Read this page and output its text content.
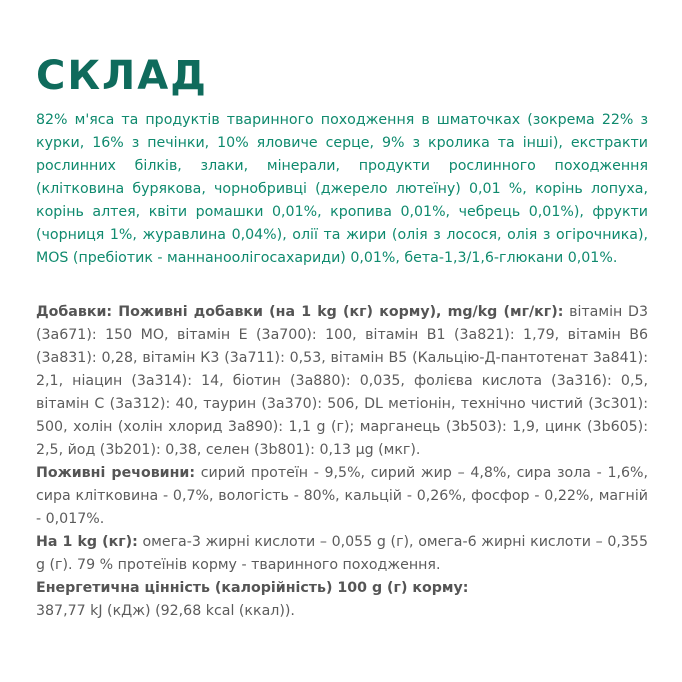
СКЛАД

82% м'яса та продуктів тваринного походження в шматочках (зокрема 22% з курки, 16% з печінки, 10% яловиче серце, 9% з кролика та інші), екстракти рослинних білків, злаки, мінерали, продукти рослинного походження (клітковина бурякова, чорнобривці (джерело лютеїну) 0,01 %, корінь лопуха, корінь алтея, квіти ромашки 0,01%, кропива 0,01%, чебрець 0,01%), фрукти (чорниця 1%, журавлина 0,04%), олії та жири (олія з лосося, олія з огірочника), MOS (пребіотик - маннаноолігосахариди) 0,01%, бета-1,3/1,6-глюкани 0,01%.

Добавки: Поживні добавки (на 1 kg (кг) корму), mg/kg (мг/кг): вітамін D3 (3a671): 150 МО, вітамін E (3a700): 100, вітамін B1 (3a821): 1,79, вітамін B6 (3a831): 0,28, вітамін К3 (3a711): 0,53, вітамін В5 (Кальцію-Д-пантотенат 3a841): 2,1, ніацин (3a314): 14, біотин (3a880): 0,035, фолієва кислота (3a316): 0,5, вітамін C (3a312): 40, таурин (3a370): 506, DL метіонін, технічно чистий (3c301): 500, холін (холін хлорид 3a890): 1,1 g (г); марганець (3b503): 1,9, цинк (3b605): 2,5, йод (3b201): 0,38, селен (3b801): 0,13 µg (мкг).

Поживні речовини: сирий протеїн - 9,5%, сирий жир – 4,8%, сира зола - 1,6%, сира клітковина - 0,7%, вологість - 80%, кальцій - 0,26%, фосфор - 0,22%, магній - 0,017%.

На 1 kg (кг): омега-3 жирні кислоти – 0,055 g (г), омега-6 жирні кислоти – 0,355 g (г). 79 % протеїнів корму - тваринного походження.

Енергетична цінність (калорійність) 100 g (г) корму:
387,77 kJ (кДж) (92,68 kcal (ккал)).
